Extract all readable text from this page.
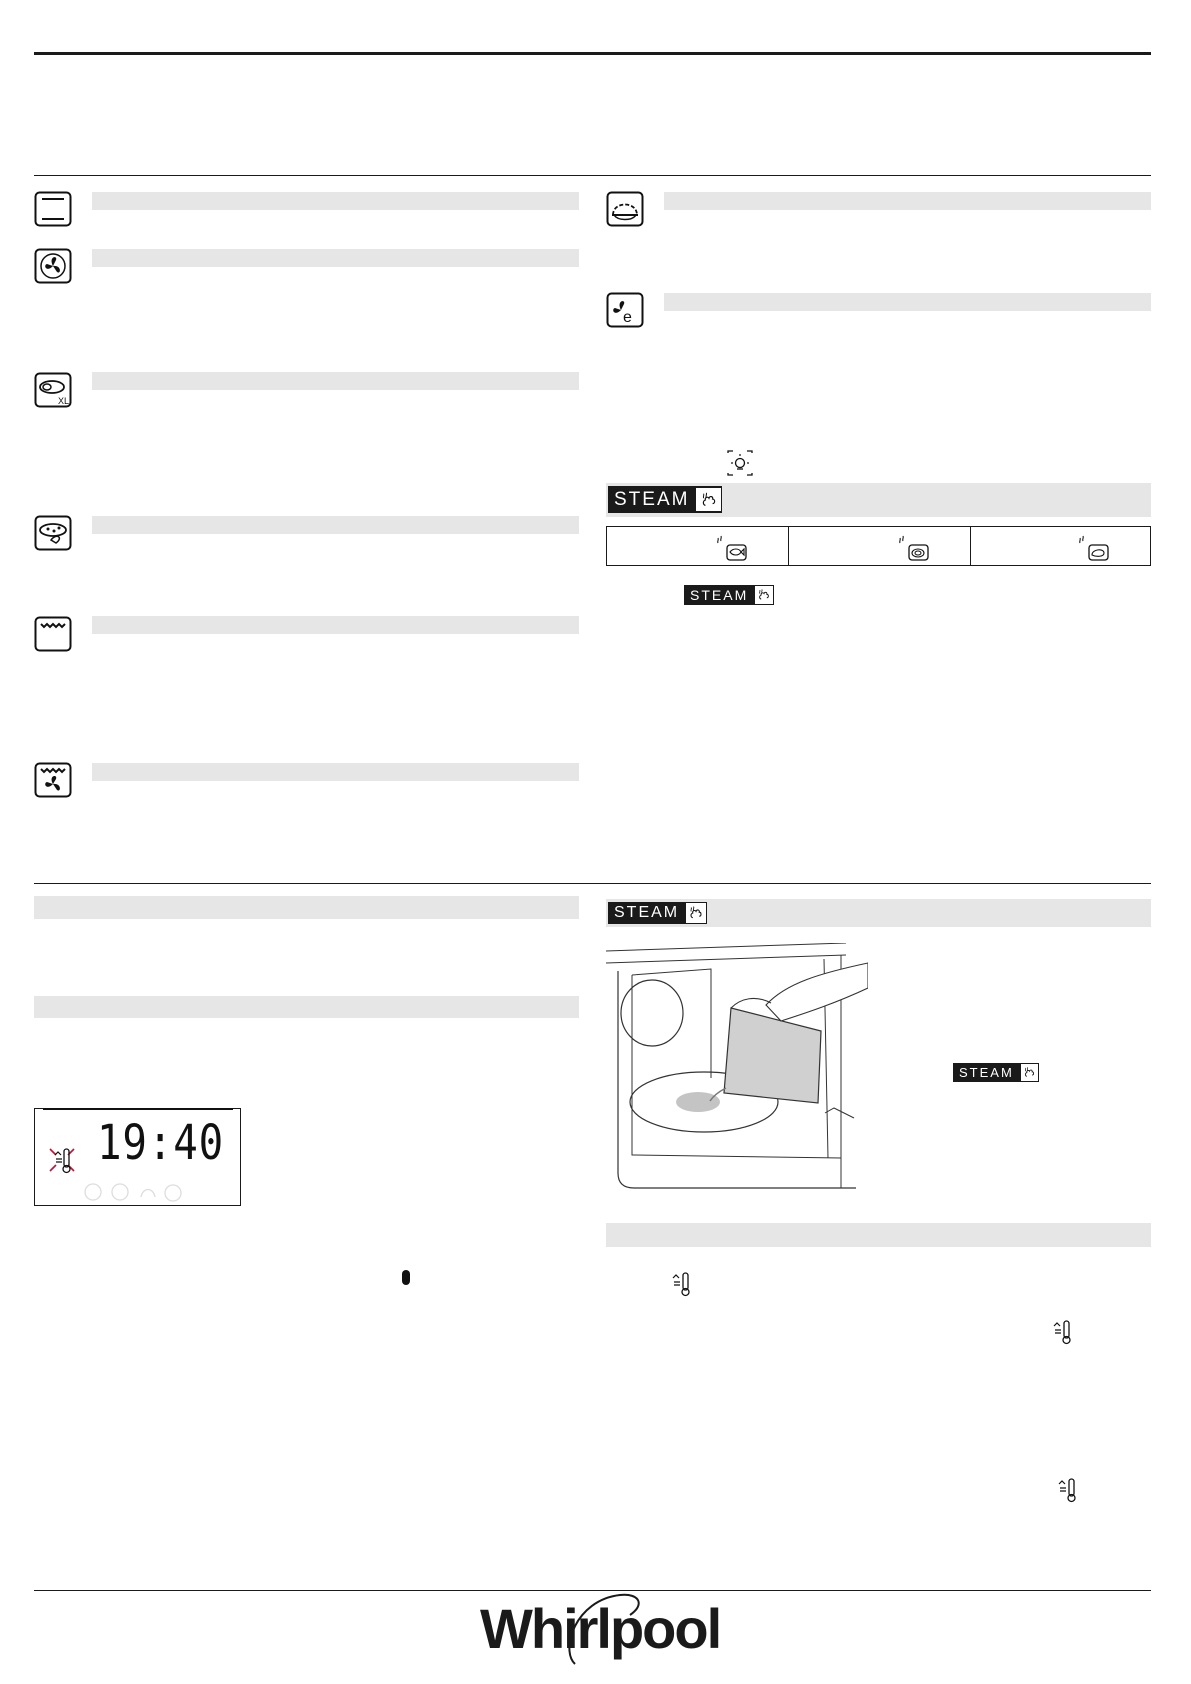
XL
e
STEAM
STEAM
19:40
STEAM
STEAM
Whirlpool
